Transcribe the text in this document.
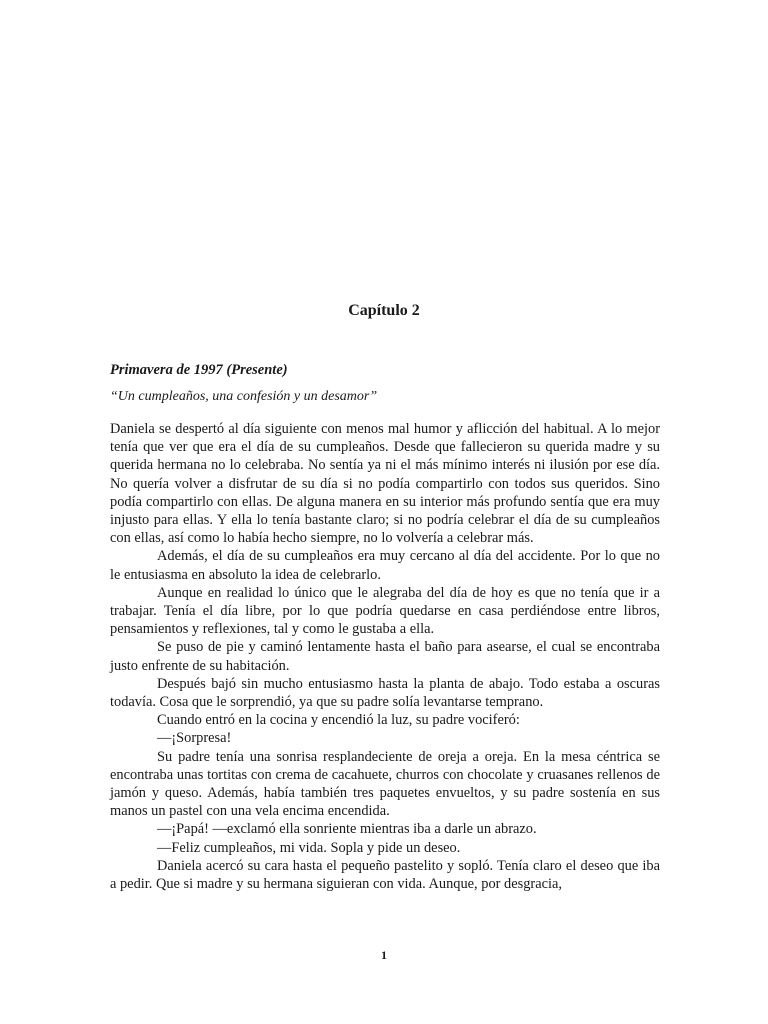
Capítulo 2
Primavera de 1997 (Presente)

“Un cumpleaños, una confesión y un desamor”

Daniela se despertó al día siguiente con menos mal humor y aflicción del habitual. A lo mejor tenía que ver que era el día de su cumpleaños. Desde que fallecieron su querida madre y su querida hermana no lo celebraba. No sentía ya ni el más mínimo interés ni ilusión por ese día. No quería volver a disfrutar de su día si no podía compartirlo con todos sus queridos. Sino podía compartirlo con ellas. De alguna manera en su interior más profundo sentía que era muy injusto para ellas. Y ella lo tenía bastante claro; si no podría celebrar el día de su cumpleaños con ellas, así como lo había hecho siempre, no lo volvería a celebrar más.

Además, el día de su cumpleaños era muy cercano al día del accidente. Por lo que no le entusiasma en absoluto la idea de celebrarlo.

Aunque en realidad lo único que le alegraba del día de hoy es que no tenía que ir a trabajar. Tenía el día libre, por lo que podría quedarse en casa perdiéndose entre libros, pensamientos y reflexiones, tal y como le gustaba a ella.

Se puso de pie y caminó lentamente hasta el baño para asearse, el cual se encontraba justo enfrente de su habitación.

Después bajó sin mucho entusiasmo hasta la planta de abajo. Todo estaba a oscuras todavía. Cosa que le sorprendió, ya que su padre solía levantarse temprano.

Cuando entró en la cocina y encendió la luz, su padre vociferó:

—¡Sorpresa!

Su padre tenía una sonrisa resplandeciente de oreja a oreja. En la mesa céntrica se encontraba unas tortitas con crema de cacahuete, churros con chocolate y cruasanes rellenos de jamón y queso. Además, había también tres paquetes envueltos, y su padre sostenía en sus manos un pastel con una vela encima encendida.

—¡Papá! —exclamó ella sonriente mientras iba a darle un abrazo.

—Feliz cumpleaños, mi vida. Sopla y pide un deseo.

Daniela acercó su cara hasta el pequeño pastelito y sopló. Tenía claro el deseo que iba a pedir. Que si madre y su hermana siguieran con vida. Aunque, por desgracia,

1
